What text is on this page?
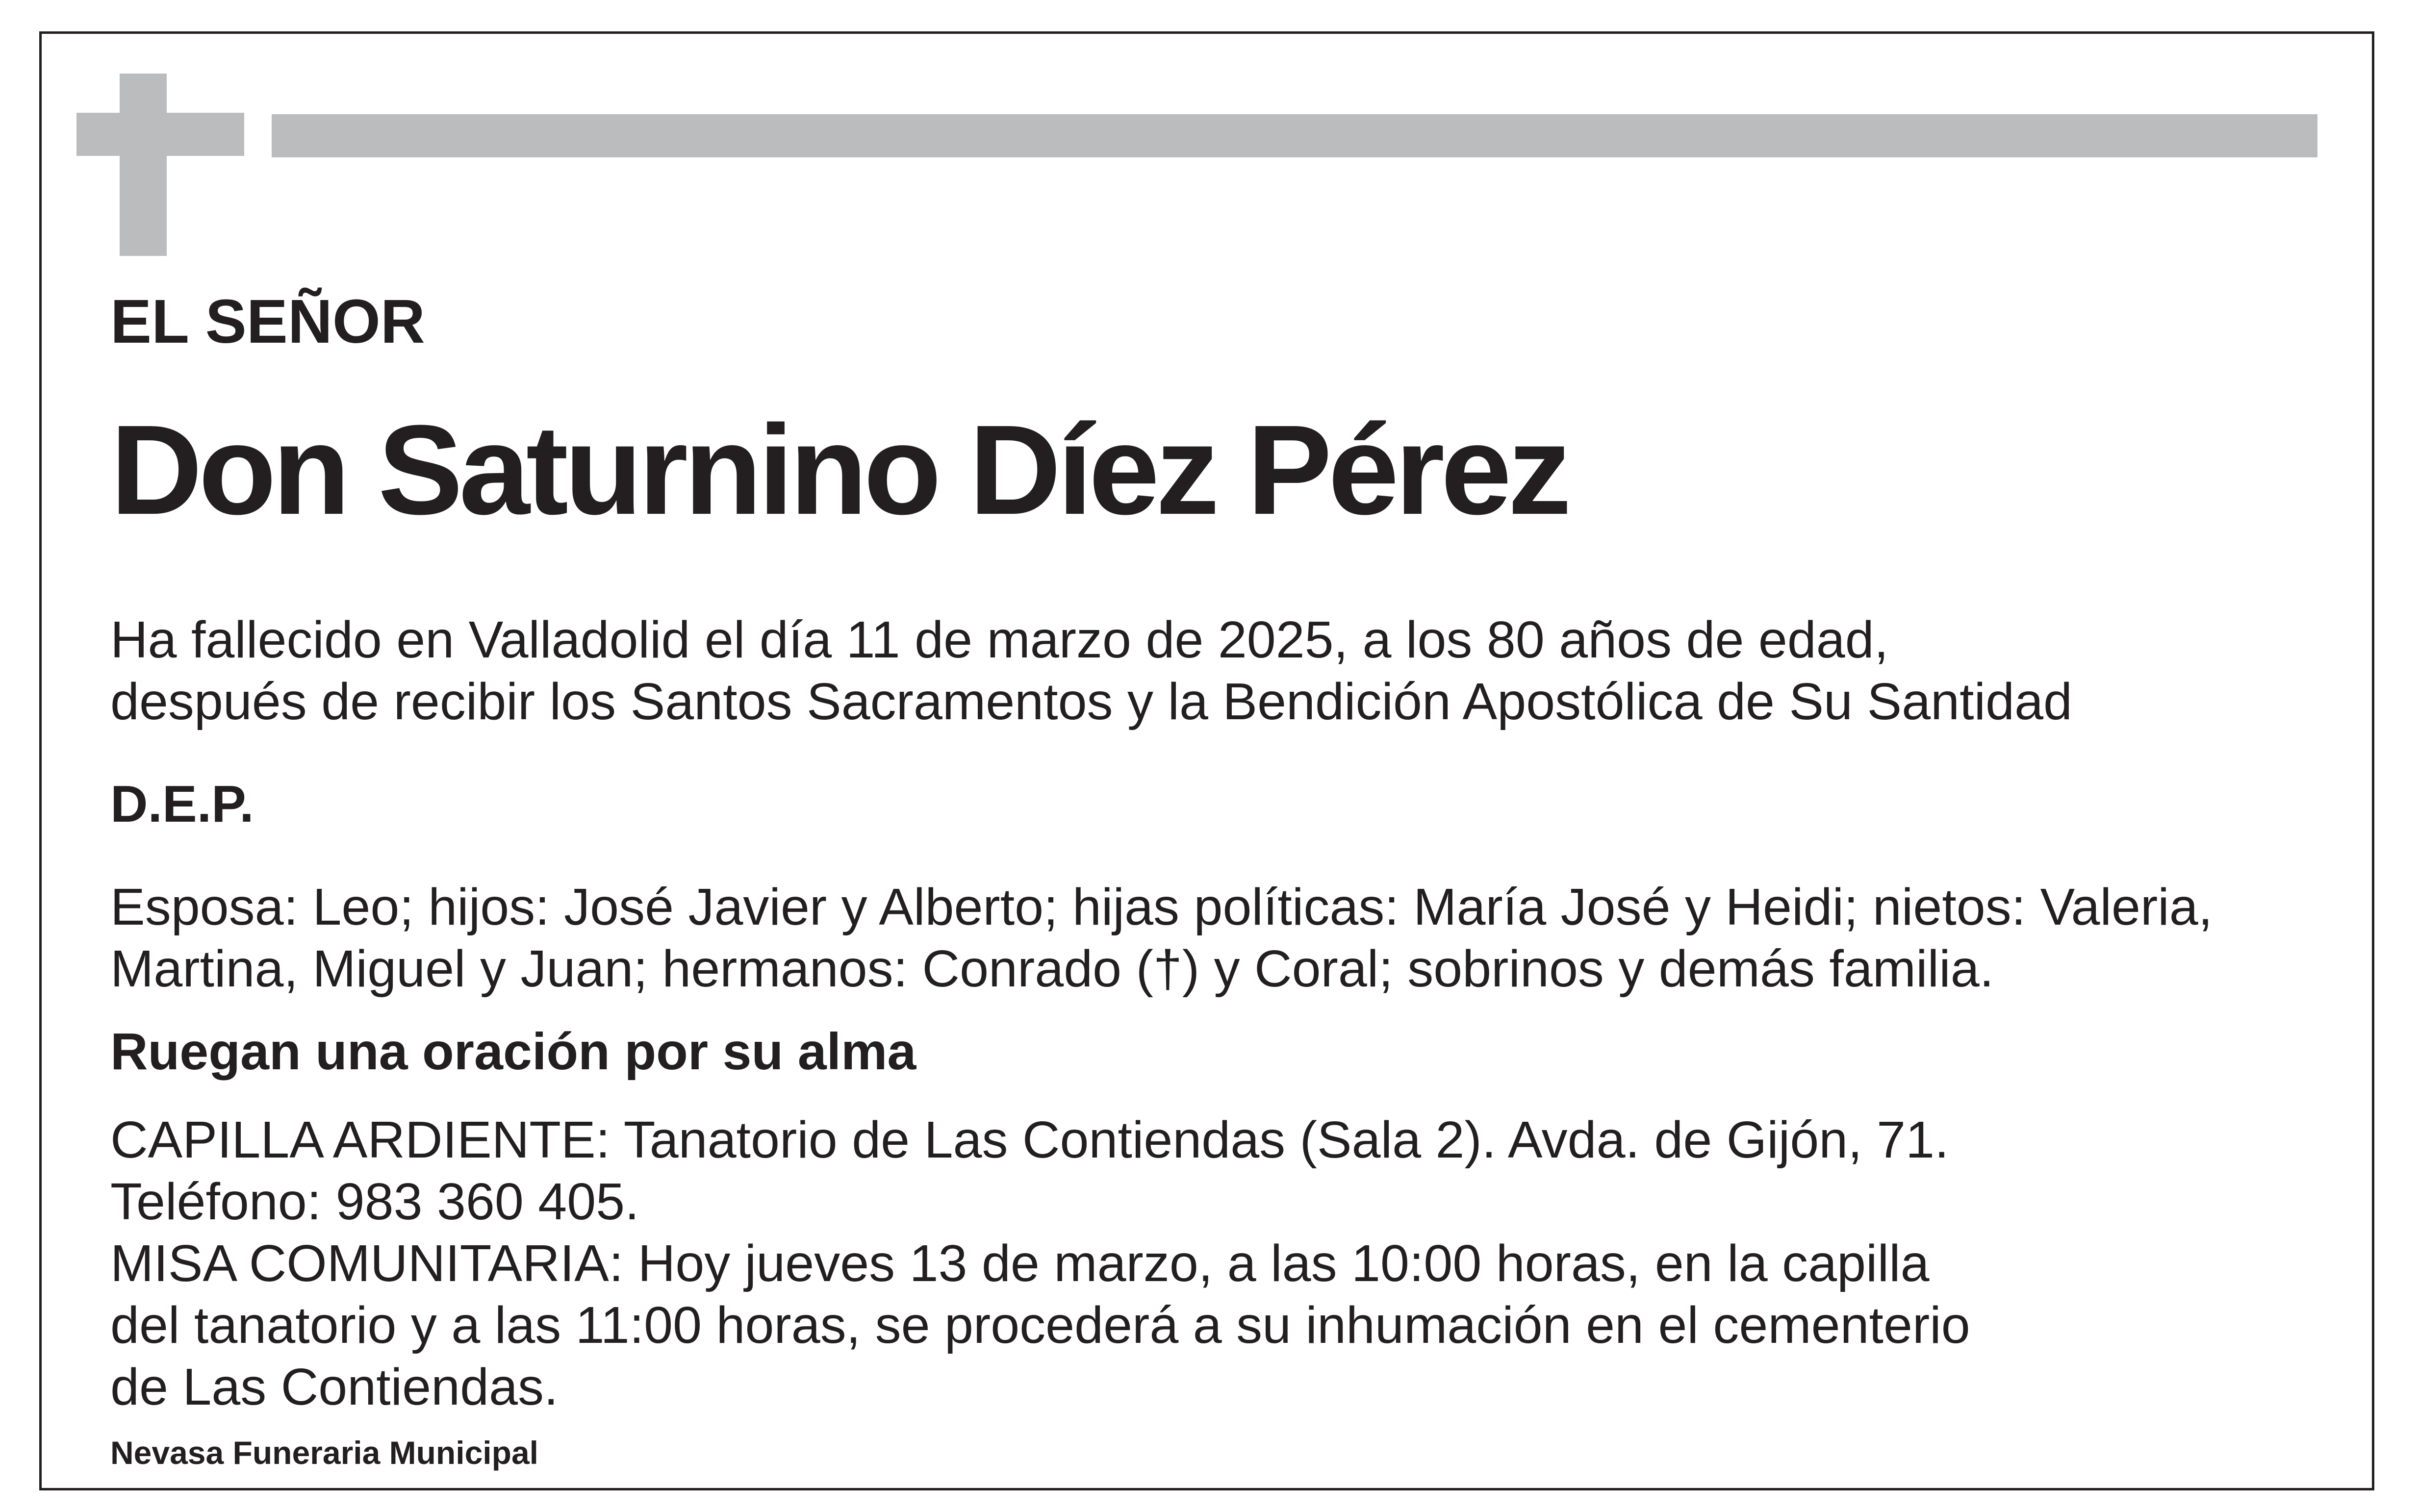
EL SEÑOR
Don Saturnino Díez Pérez
Ha fallecido en Valladolid el día 11 de marzo de 2025, a los 80 años de edad,
después de recibir los Santos Sacramentos y la Bendición Apostólica de Su Santidad
D.E.P.
Esposa: Leo; hijos: José Javier y Alberto; hijas políticas: María José y Heidi; nietos: Valeria,
Martina, Miguel y Juan; hermanos: Conrado (†) y Coral; sobrinos y demás familia.
Ruegan una oración por su alma
CAPILLA ARDIENTE: Tanatorio de Las Contiendas (Sala 2). Avda. de Gijón, 71.
Teléfono: 983 360 405.
MISA COMUNITARIA: Hoy jueves 13 de marzo, a las 10:00 horas, en la capilla
del tanatorio y a las 11:00 horas, se procederá a su inhumación en el cementerio
de Las Contiendas.
Nevasa Funeraria Municipal
